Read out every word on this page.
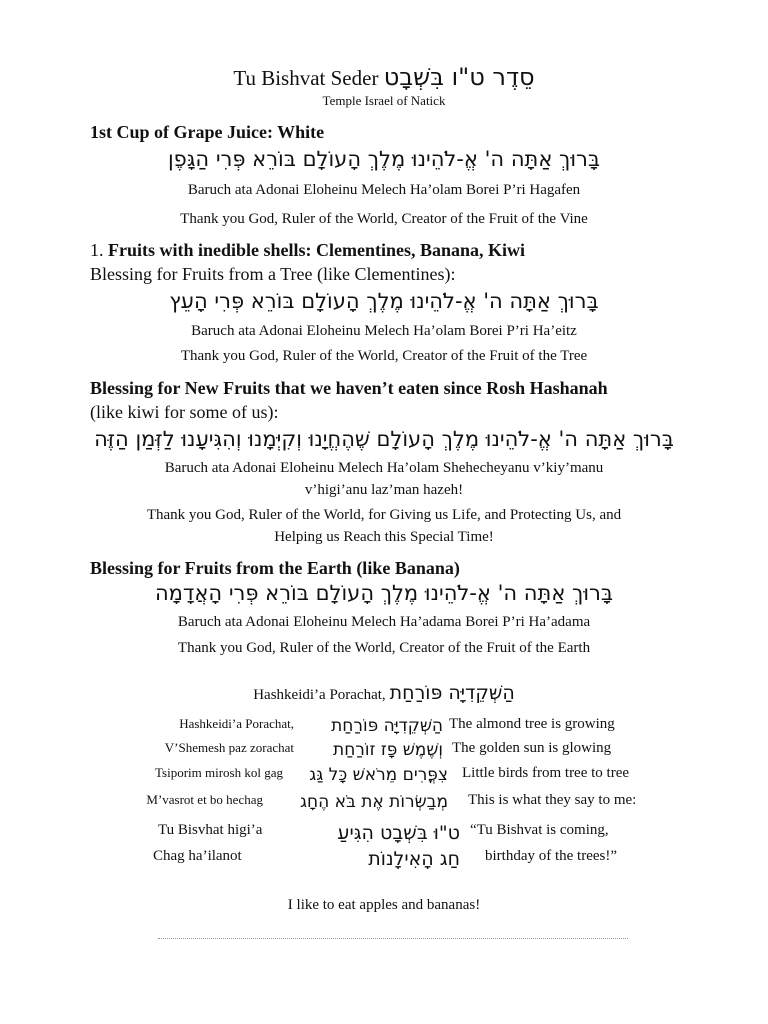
Tu Bishvat Seder סֵדֶר ט"ו בִּשְׁבָט
Temple Israel of Natick
1st Cup of Grape Juice: White
בָּרוּךְ אַתָּה ה' אֱ-לֹהֵינוּ מֶלֶךְ הָעוֹלָם בּוֹרֵא פְּרִי הַגָּפֶן
Baruch ata Adonai Eloheinu Melech Ha’olam Borei P’ri Hagafen
Thank you God, Ruler of the World, Creator of the Fruit of the Vine
1. Fruits with inedible shells: Clementines, Banana, Kiwi
Blessing for Fruits from a Tree (like Clementines):
בָּרוּךְ אַתָּה ה' אֱ-לֹהֵינוּ מֶלֶךְ הָעוֹלָם בּוֹרֵא פְּרִי הָעֵץ
Baruch ata Adonai Eloheinu Melech Ha’olam Borei P’ri Ha’eitz
Thank you God, Ruler of the World, Creator of the Fruit of the Tree
Blessing for New Fruits that we haven’t eaten since Rosh Hashanah
(like kiwi for some of us):
בָּרוּךְ אַתָּה ה' אֱ-לֹהֵינוּ מֶלֶךְ הָעוֹלָם שֶׁהֶחֱיָנוּ וְקִיְּמָנוּ וְהִגִּיעָנוּ לַזְּמַן הַזֶּה
Baruch ata Adonai Eloheinu Melech Ha’olam Shehecheyanu v’kiy’manu
v’higi’anu laz’man hazeh!
Thank you God, Ruler of the World, for Giving us Life, and Protecting Us, and
Helping us Reach this Special Time!
Blessing for Fruits from the Earth (like Banana)
בָּרוּךְ אַתָּה ה' אֱ-לֹהֵינוּ מֶלֶךְ הָעוֹלָם בּוֹרֵא פְּרִי הָאֲדָמָה
Baruch ata Adonai Eloheinu Melech Ha’adama Borei P’ri Ha’adama
Thank you God, Ruler of the World, Creator of the Fruit of the Earth
Hashkeidi’a Porachat, הַשְּׁקֵדִיָּה פּוֹרַחַת
Hashkeidi’a Porachat, הַשְּׁקֵדִיָּה פּוֹרַחַת The almond tree is growing
V’Shemesh paz zorachat וְשֶׁמֶשׁ פָּז זוֹרַחַת The golden sun is glowing
Tsiporim mirosh kol gag צִפֳּרִים מֵרֹאשׁ כָּל גַּג Little birds from tree to tree
M’vasrot et bo hechag מְבַשְּׂרוֹת אֶת בֹּא הֶחָג This is what they say to me:
Tu Bisvhat higi’a	ט"וּ בִּשְׁבָט הִגִּיעַ “Tu Bishvat is coming,
Chag ha’ilanot	חַג הָאִילָנוֹת birthday of the trees!”
I like to eat apples and bananas!
